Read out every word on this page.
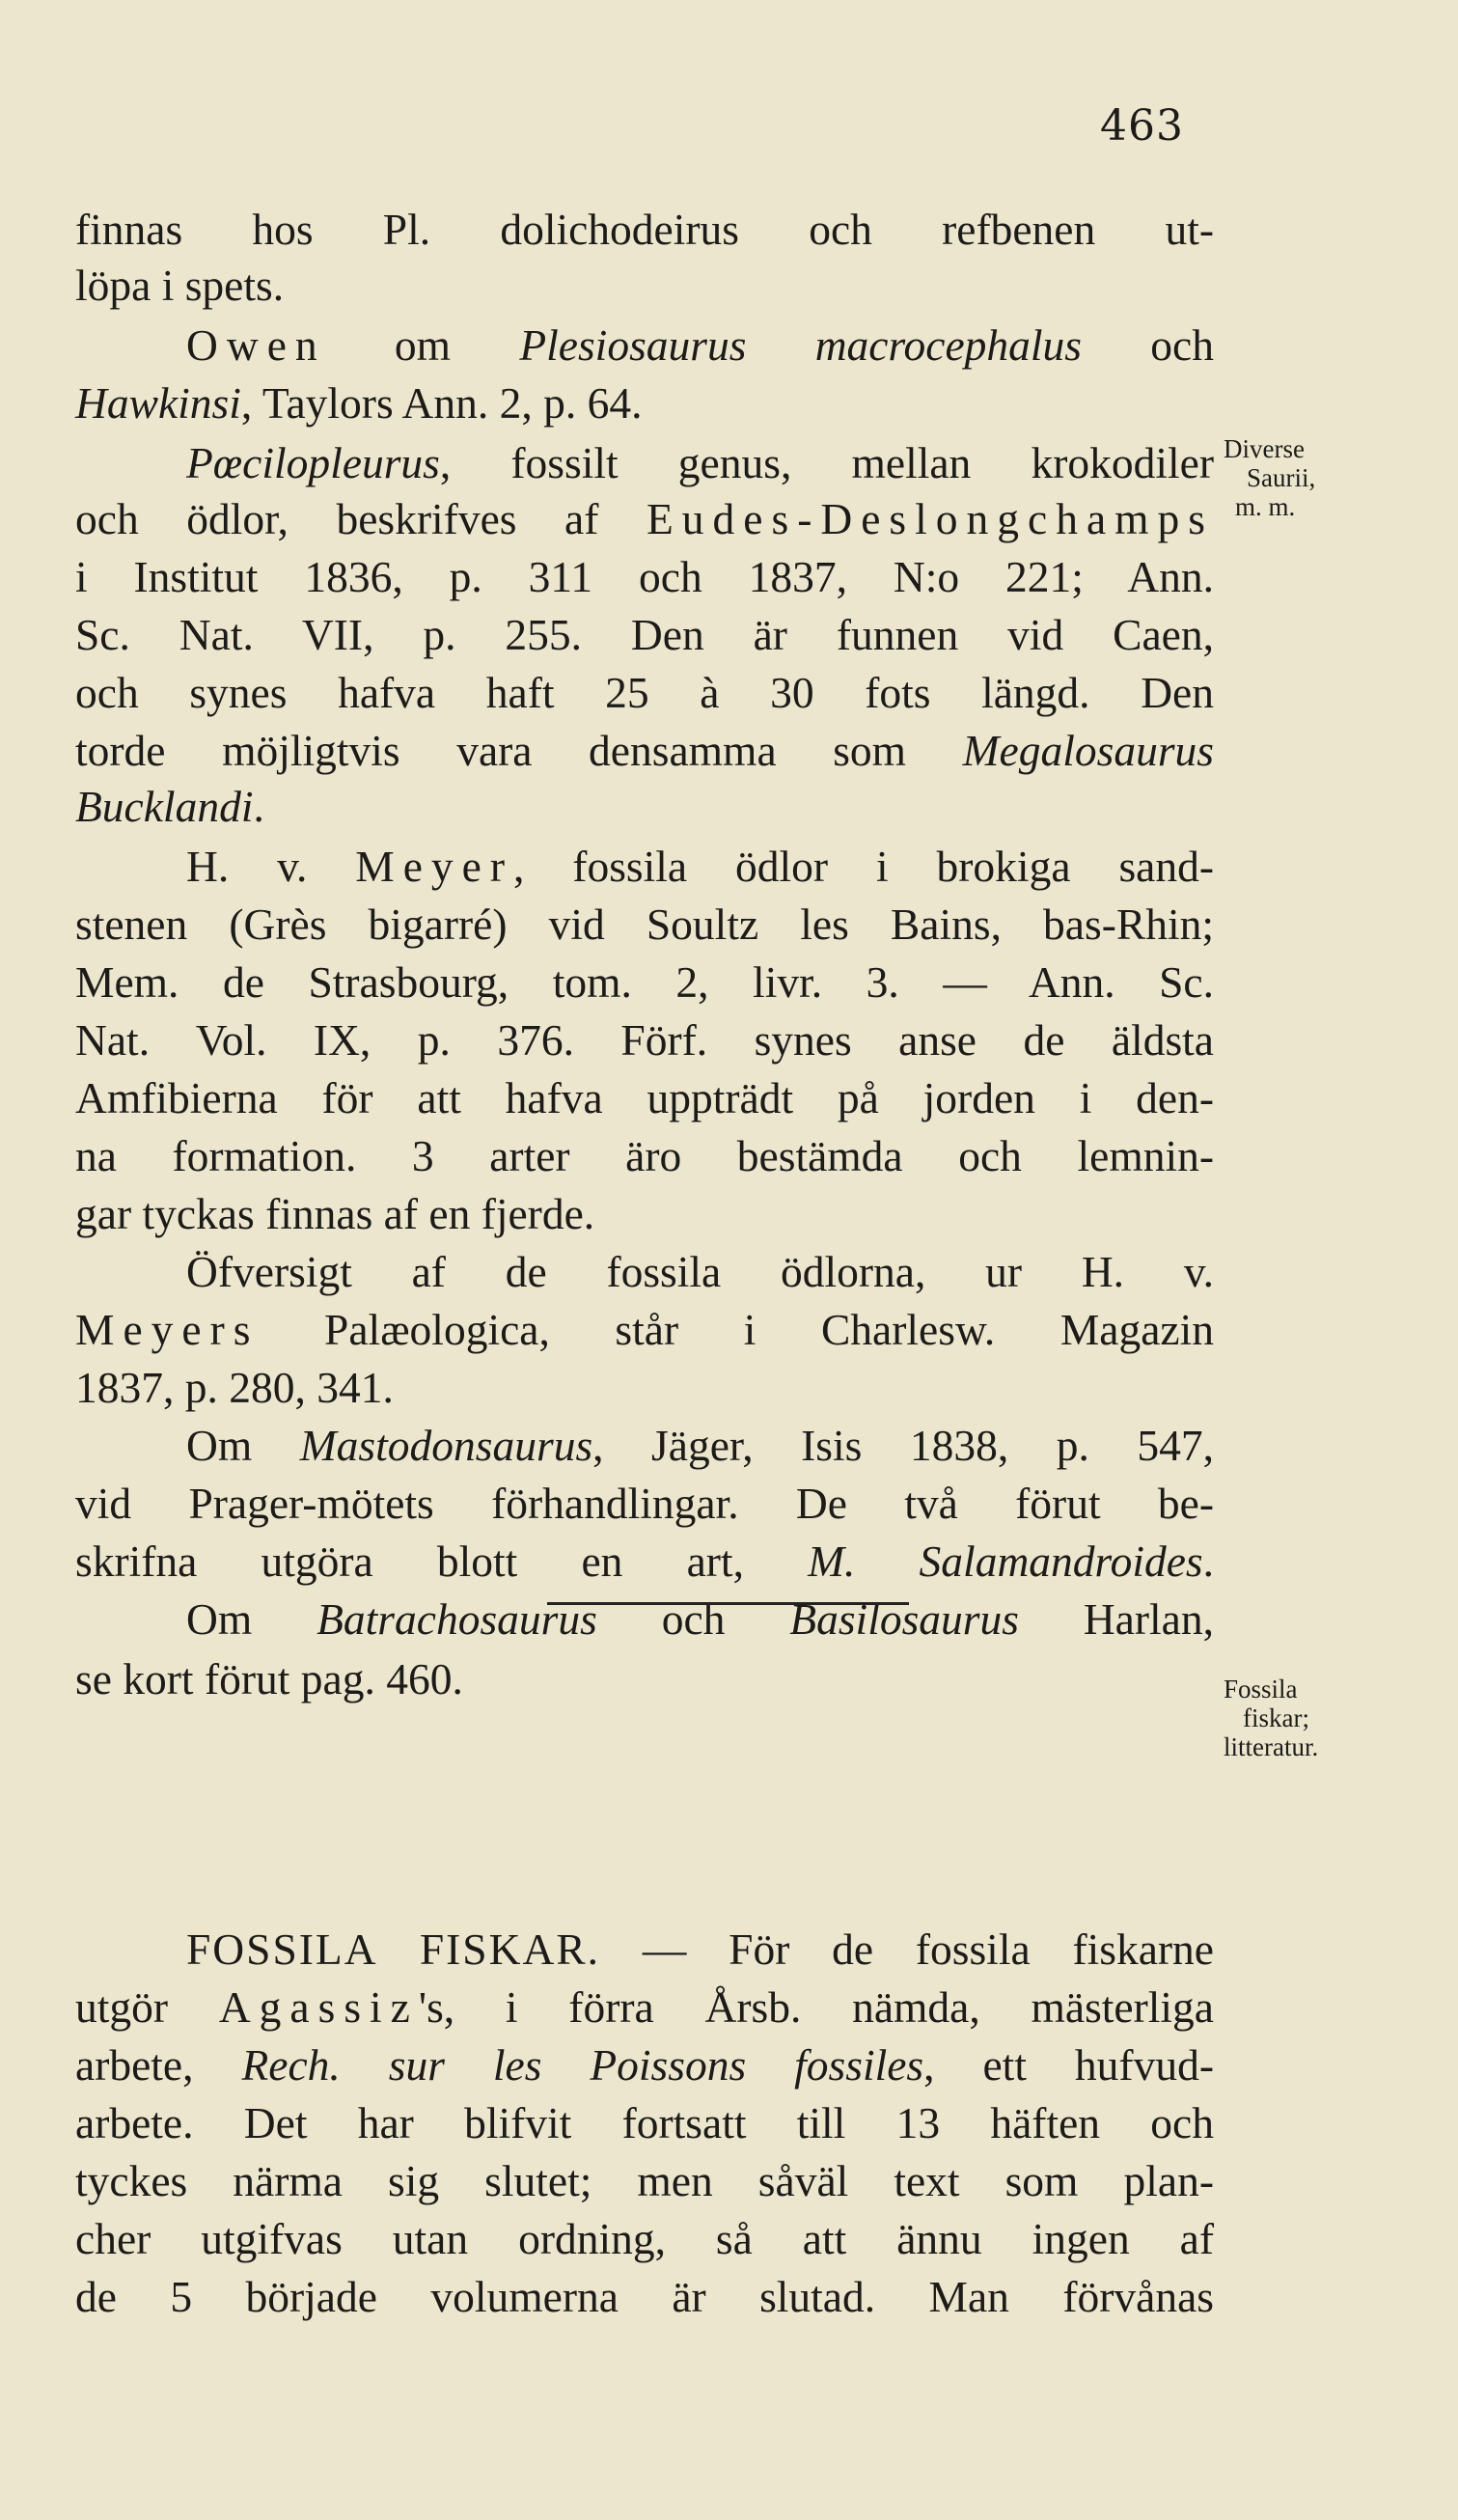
463
finnas hos Pl. dolichodeirus och refbenen ut-
löpa i spets.
Owen om Plesiosaurus macrocephalus och
Hawkinsi, Taylors Ann. 2, p. 64.
Pœcilopleurus, fossilt genus, mellan krokodiler
och ödlor, beskrifves af Eudes-Deslongchamps
i Institut 1836, p. 311 och 1837, N:o 221; Ann.
Sc. Nat. VII, p. 255. Den är funnen vid Caen,
och synes hafva haft 25 à 30 fots längd. Den
torde möjligtvis vara densamma som Megalosaurus
Bucklandi.
H. v. Meyer, fossila ödlor i brokiga sand-
stenen (Grès bigarré) vid Soultz les Bains, bas-Rhin;
Mem. de Strasbourg, tom. 2, livr. 3. — Ann. Sc.
Nat. Vol. IX, p. 376. Förf. synes anse de äldsta
Amfibierna för att hafva uppträdt på jorden i den-
na formation. 3 arter äro bestämda och lemnin-
gar tyckas finnas af en fjerde.
Öfversigt af de fossila ödlorna, ur H. v.
Meyers Palæologica, står i Charlesw. Magazin
1837, p. 280, 341.
Om Mastodonsaurus, Jäger, Isis 1838, p. 547,
vid Prager-mötets förhandlingar. De två förut be-
skrifna utgöra blott en art, M. Salamandroides.
Om Batrachosaurus och Basilosaurus Harlan,
se kort förut pag. 460.
FOSSILA FISKAR. — För de fossila fiskarne
utgör Agassiz's, i förra Årsb. nämda, mästerliga
arbete, Rech. sur les Poissons fossiles, ett hufvud-
arbete. Det har blifvit fortsatt till 13 häften och
tyckes närma sig slutet; men såväl text som plan-
cher utgifvas utan ordning, så att ännu ingen af
de 5 började volumerna är slutad. Man förvånas
Diverse
Saurii,
m. m.
Fossila
fiskar;
litteratur.
